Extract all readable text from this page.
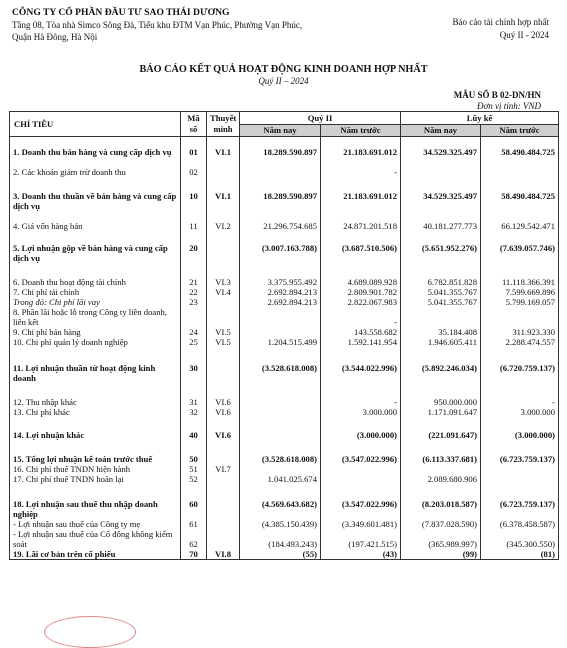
CÔNG TY CỔ PHẦN ĐẦU TƯ SAO THÁI DƯƠNG
Tầng 08, Tòa nhà Simco Sông Đà, Tiểu khu ĐTM Vạn Phúc, Phường Vạn Phúc,
Quận Hà Đông, Hà Nội
Báo cáo tài chính hợp nhất
Quý II - 2024
BÁO CÁO KẾT QUẢ HOẠT ĐỘNG KINH DOANH HỢP NHẤT
Quý II – 2024
MẪU SỐ B 02-DN/HN
Đơn vị tính: VND
CHỈ TIÊU	Mã
số	Thuyết
minh	Quý II		Lũy kế	
			Năm nay	Năm trước	Năm nay	Năm trước
1. Doanh thu bán hàng và cung cấp dịch vụ	01	VI.1	18.289.590.897	21.183.691.012	34.529.325.497	58.490.484.725
2. Các khoản giảm trừ doanh thu	02			-		
3. Doanh thu thuần về bán hàng và cung cấp dịch vụ	10	VI.1	18.289.590.897	21.183.691.012	34.529.325.497	58.490.484.725
4. Giá vốn hàng bán	11	VI.2	21.296.754.685	24.871.201.518	40.181.277.773	66.129.542.471
5. Lợi nhuận gộp về bán hàng và cung cấp dịch vụ	20		(3.007.163.788)	(3.687.510.506)	(5.651.952.276)	(7.639.057.746)
6. Doanh thu hoạt động tài chính	21	VI.3	3.375.955.492	4.689.089.928	6.782.851.828	11.118.366.391
7. Chi phí tài chính	22	VI.4	2.692.894.213	2.809.901.782	5.041.355.767	7.599.669.896
Trong đó: Chi phí lãi vay	23		2.692.894.213	2.822.067.983	5.041.355.767	5.799.169.057
8. Phần lãi hoặc lỗ trong Công ty liên doanh, liên kết				-		
9. Chi phí bán hàng	24	VI.5		143.558.682	35.184.408	311.923.330
10. Chi phí quản lý doanh nghiệp	25	VI.5	1.204.515.499	1.592.141.954	1.946.605.411	2.288.474.557
11. Lợi nhuận thuần từ hoạt động kinh doanh	30		(3.528.618.008)	(3.544.022.996)	(5.892.246.034)	(6.720.759.137)
12. Thu nhập khác	31	VI.6		-	950.000.000	-
13. Chi phí khác	32	VI.6		3.000.000	1.171.091.647	3.000.000
14. Lợi nhuận khác	40	VI.6		(3.000.000)	(221.091.647)	(3.000.000)
15. Tổng lợi nhuận kế toán trước thuế	50		(3.528.618.008)	(3.547.022.996)	(6.113.337.681)	(6.723.759.137)
16. Chi phí thuế TNDN hiện hành	51	VI.7				
17. Chi phí thuế TNDN hoãn lại	52		1.041.025.674		2.089.680.906	
18. Lợi nhuận sau thuế thu nhập doanh nghiệp	60		(4.569.643.682)	(3.547.022.996)	(8.203.018.587)	(6.723.759.137)
- Lợi nhuận sau thuế của Công ty mẹ	61		(4.385.150.439)	(3.349.601.481)	(7.837.028.590)	(6.378.458.587)
- Lợi nhuận sau thuế của Cổ đông không kiểm soát	62		(184.493.243)	(197.421.515)	(365.989.997)	(345.300.550)
19. Lãi cơ bản trên cổ phiếu	70	VI.8	(55)	(43)	(99)	(81)
